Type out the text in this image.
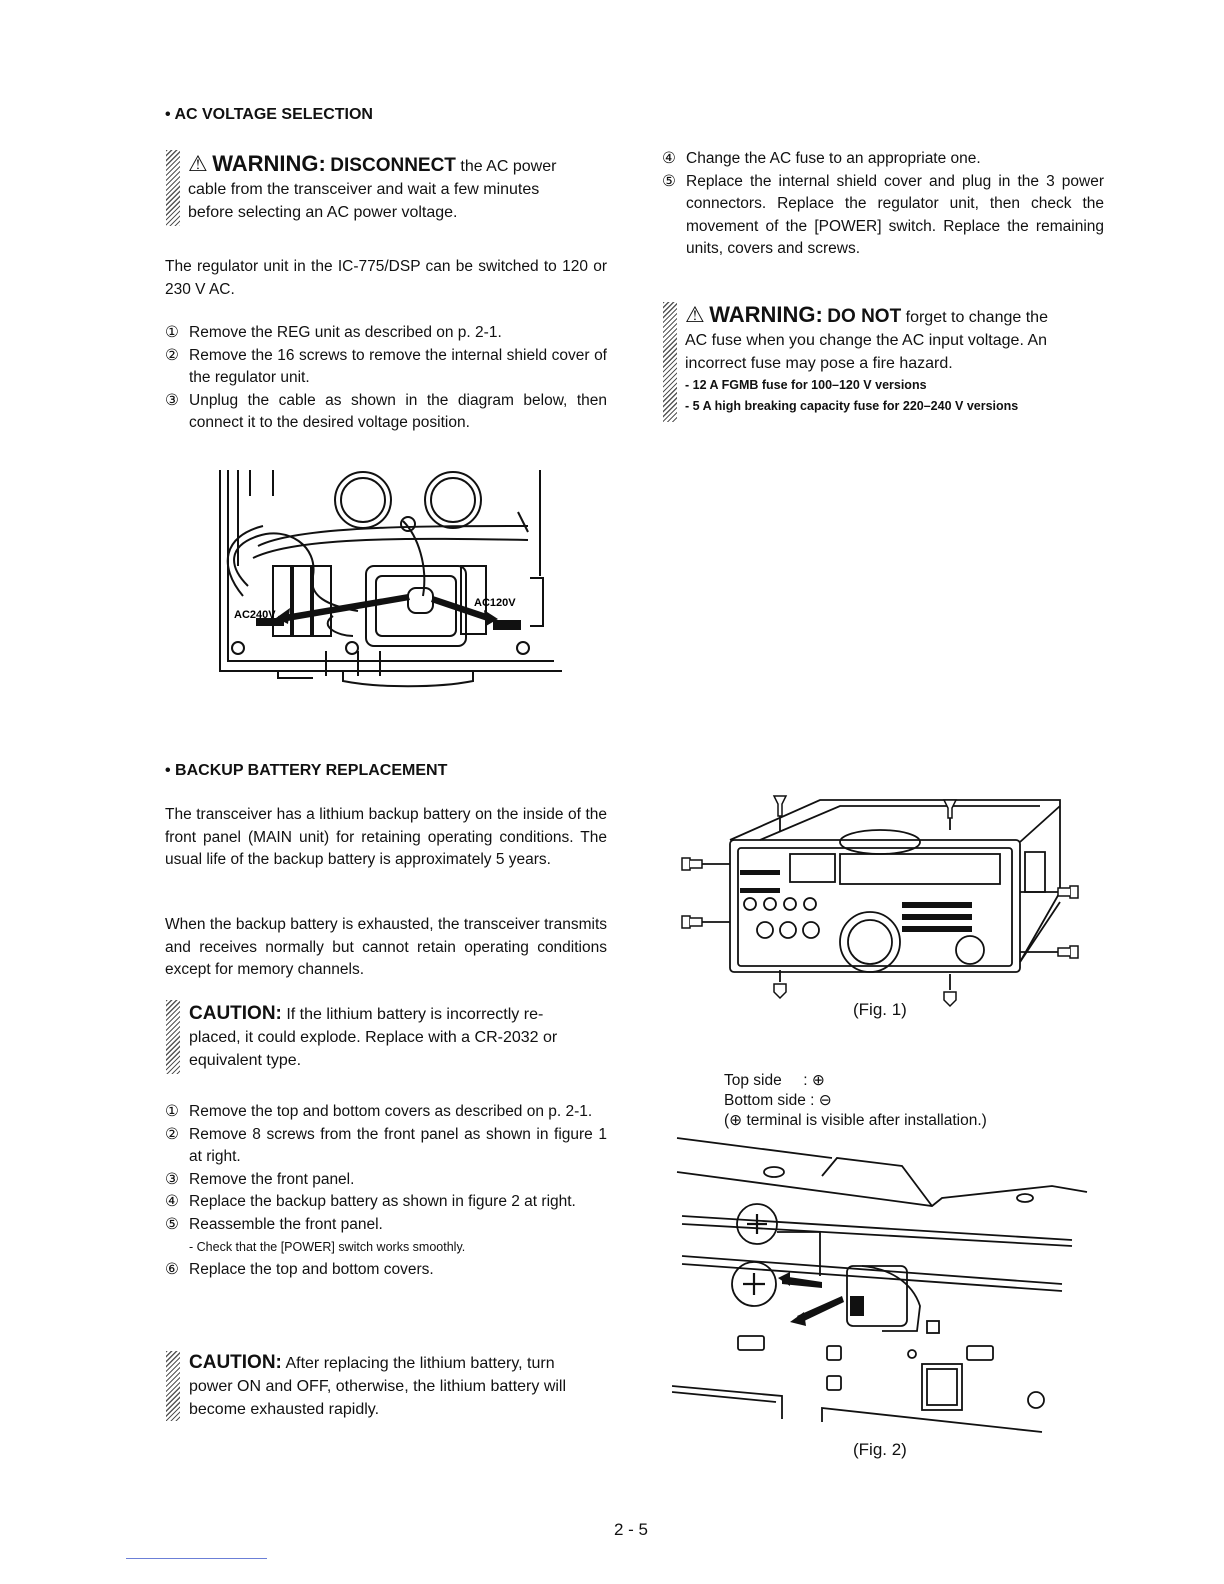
• AC VOLTAGE SELECTION
⚠ WARNING: DISCONNECT the AC power
cable from the transceiver and wait a few minutes
before selecting an AC power voltage.
The regulator unit in the IC-775/DSP can be switched to 120 or 230 V AC.
① Remove the REG unit as described on p. 2-1.
② Remove the 16 screws to remove the internal shield cover of the regulator unit.
③ Unplug the cable as shown in the diagram below, then connect it to the desired voltage position.
④ Change the AC fuse to an appropriate one.
⑤ Replace the internal shield cover and plug in the 3 power connectors. Replace the regulator unit, then check the movement of the [POWER] switch. Replace the remaining units, covers and screws.
⚠ WARNING: DO NOT forget to change the
AC fuse when you change the AC input voltage. An
incorrect fuse may pose a fire hazard.
- 12 A FGMB fuse for 100–120 V versions
- 5 A high breaking capacity fuse for 220–240 V versions
AC240V
AC120V
• BACKUP BATTERY REPLACEMENT
The transceiver has a lithium backup battery on the inside of the front panel (MAIN unit) for retaining operating conditions. The usual life of the backup battery is approximately 5 years.
When the backup battery is exhausted, the transceiver transmits and receives normally but cannot retain operating conditions except for memory channels.
CAUTION: If the lithium battery is incorrectly re-
placed, it could explode. Replace with a CR-2032 or
equivalent type.
① Remove the top and bottom covers as described on p. 2-1.
② Remove 8 screws from the front panel as shown in figure 1 at right.
③ Remove the front panel.
④ Replace the backup battery as shown in figure 2 at right.
⑤ Reassemble the front panel.
- Check that the [POWER] switch works smoothly.
⑥ Replace the top and bottom covers.
CAUTION: After replacing the lithium battery, turn
power ON and OFF, otherwise, the lithium battery will
become exhausted rapidly.
(Fig. 1)
Top side     : ⊕
Bottom side : ⊖
(⊕ terminal is visible after installation.)
(Fig. 2)
2 - 5
